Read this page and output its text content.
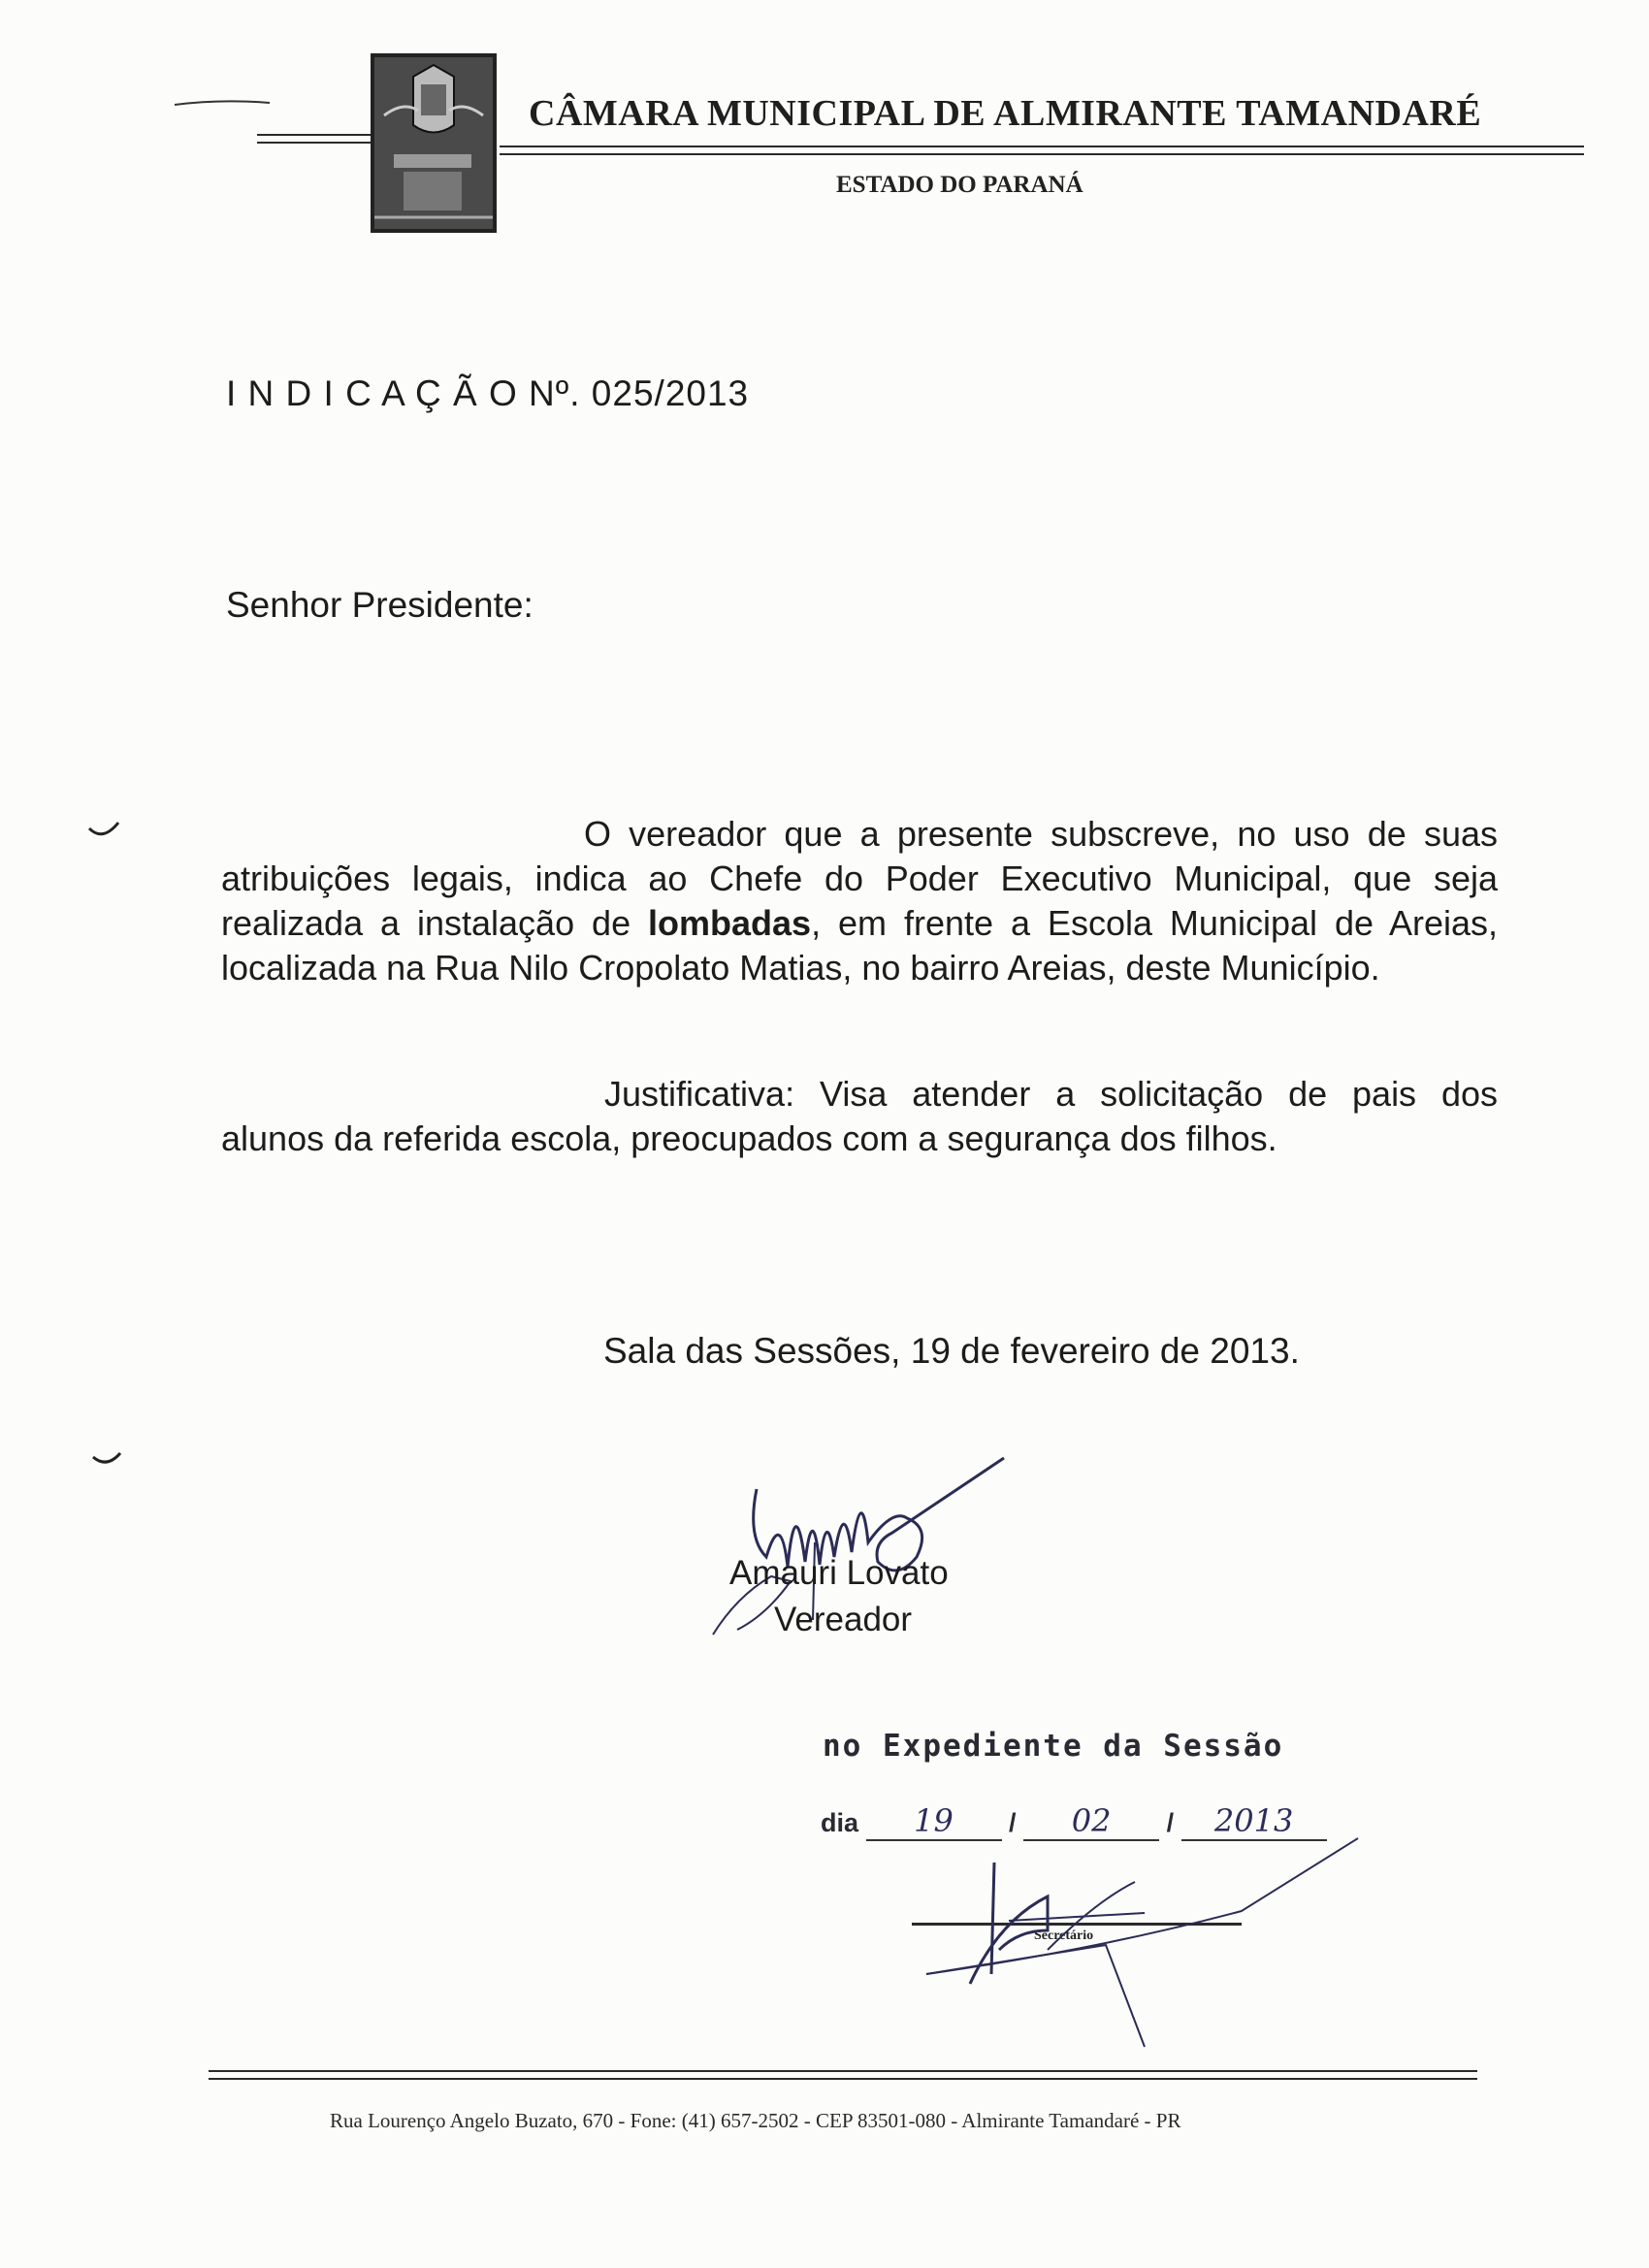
CÂMARA MUNICIPAL DE ALMIRANTE TAMANDARÉ
ESTADO DO PARANÁ
I N D I C A Ç Ã O Nº. 025/2013
Senhor Presidente:
O vereador que a presente subscreve, no uso de suas atribuições legais, indica ao Chefe do Poder Executivo Municipal, que seja realizada a instalação de lombadas, em frente a Escola Municipal de Areias, localizada na Rua Nilo Cropolato Matias, no bairro Areias, deste Município.
Justificativa: Visa atender a solicitação de pais dos alunos da referida escola, preocupados com a segurança dos filhos.
Sala das Sessões, 19 de fevereiro de 2013.
Amauri Lovato
Vereador
no Expediente da Sessão
dia 19 / 02 / 2013
Secretário
Rua Lourenço Angelo Buzato, 670 - Fone: (41) 657-2502 - CEP 83501-080 - Almirante Tamandaré - PR
